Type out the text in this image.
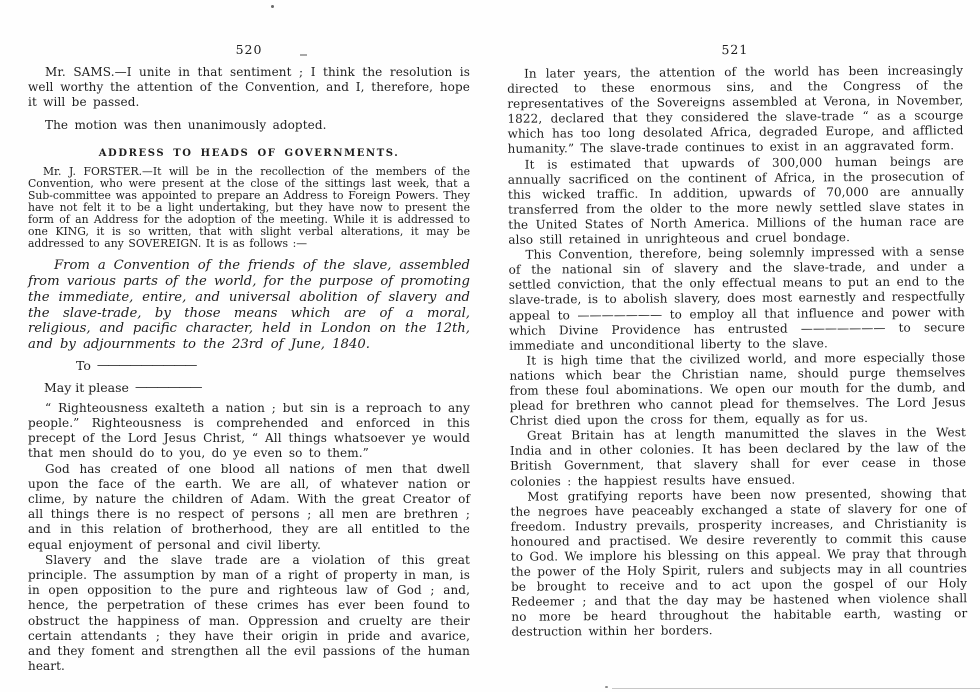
520

Mr. SAMS.—I unite in that sentiment ; I think the resolution is well worthy the attention of the Convention, and I, therefore, hope it will be passed.

The motion was then unanimously adopted.

ADDRESS TO HEADS OF GOVERNMENTS.

Mr. J. FORSTER.—It will be in the recollection of the members of the Convention, who were present at the close of the sittings last week, that a Sub-committee was appointed to prepare an Address to Foreign Powers. They have not felt it to be a light undertaking, but they have now to present the form of an Address for the adoption of the meeting. While it is addressed to one KING, it is so written, that with slight verbal alterations, it may be addressed to any SOVEREIGN. It is as follows :—

From a Convention of the friends of the slave, assembled from various parts of the world, for the purpose of promoting the immediate, entire, and universal abolition of slavery and the slave-trade, by those means which are of a moral, religious, and pacific character, held in London on the 12th, and by adjournments to the 23rd of June, 1840.

To —————————
May it please ——————

“ Righteousness exalteth a nation ; but sin is a reproach to any people.” Righteousness is comprehended and enforced in this precept of the Lord Jesus Christ, “ All things whatsoever ye would that men should do to you, do ye even so to them.”

God has created of one blood all nations of men that dwell upon the face of the earth. We are all, of whatever nation or clime, by nature the children of Adam. With the great Creator of all things there is no respect of persons ; all men are brethren ; and in this relation of brotherhood, they are all entitled to the equal enjoyment of personal and civil liberty.

Slavery and the slave trade are a violation of this great principle. The assumption by man of a right of property in man, is in open opposition to the pure and righteous law of God ; and, hence, the perpetration of these crimes has ever been found to obstruct the happiness of man. Oppression and cruelty are their certain attendants ; they have their origin in pride and avarice, and they foment and strengthen all the evil passions of the human heart.

521

In later years, the attention of the world has been increasingly directed to these enormous sins, and the Congress of the representatives of the Sovereigns assembled at Verona, in November, 1822, declared that they considered the slave-trade “ as a scourge which has too long desolated Africa, degraded Europe, and afflicted humanity.” The slave-trade continues to exist in an aggravated form.

It is estimated that upwards of 300,000 human beings are annually sacrificed on the continent of Africa, in the prosecution of this wicked traffic. In addition, upwards of 70,000 are annually transferred from the older to the more newly settled slave states in the United States of North America. Millions of the human race are also still retained in unrighteous and cruel bondage.

This Convention, therefore, being solemnly impressed with a sense of the national sin of slavery and the slave-trade, and under a settled conviction, that the only effectual means to put an end to the slave-trade, is to abolish slavery, does most earnestly and respectfully appeal to ——————— to employ all that influence and power with which Divine Providence has entrusted ——————— to secure immediate and unconditional liberty to the slave.

It is high time that the civilized world, and more especially those nations which bear the Christian name, should purge themselves from these foul abominations. We open our mouth for the dumb, and plead for brethren who cannot plead for themselves. The Lord Jesus Christ died upon the cross for them, equally as for us.

Great Britain has at length manumitted the slaves in the West India and in other colonies. It has been declared by the law of the British Government, that slavery shall for ever cease in those colonies : the happiest results have ensued.

Most gratifying reports have been now presented, showing that the negroes have peaceably exchanged a state of slavery for one of freedom. Industry prevails, prosperity increases, and Christianity is honoured and practised. We desire reverently to commit this cause to God. We implore his blessing on this appeal. We pray that through the power of the Holy Spirit, rulers and subjects may in all countries be brought to receive and to act upon the gospel of our Holy Redeemer ; and that the day may be hastened when violence shall no more be heard throughout the habitable earth, wasting or destruction within her borders.
